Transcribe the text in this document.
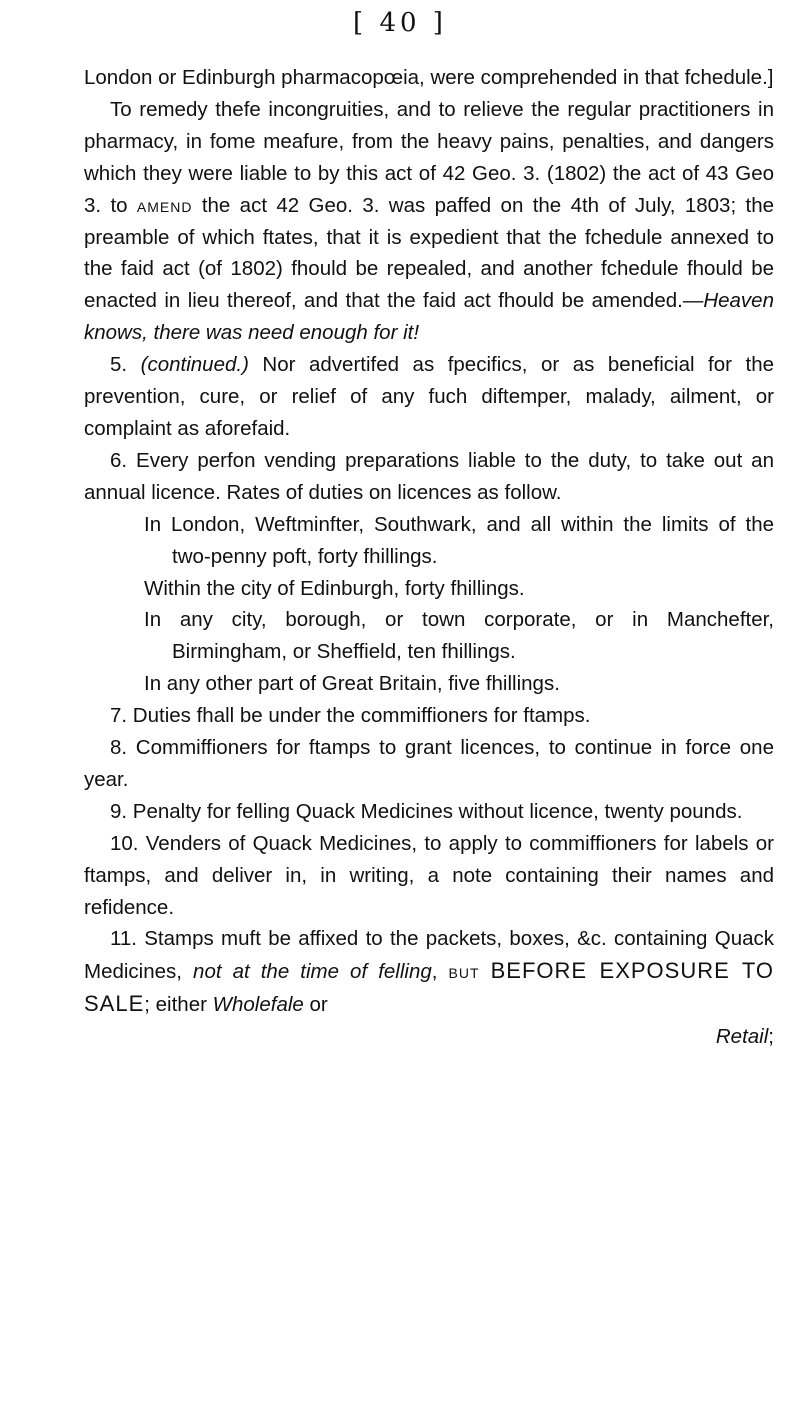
[ 40 ]

London or Edinburgh pharmacopœia, were comprehended in that fchedule.]

To remedy thefe incongruities, and to relieve the regular practitioners in pharmacy, in fome meafure, from the heavy pains, penalties, and dangers which they were liable to by this act of 42 Geo. 3. (1802) the act of 43 Geo 3. to amend the act 42 Geo. 3. was paffed on the 4th of July, 1803; the preamble of which ftates, that it is expedient that the fchedule annexed to the faid act (of 1802) fhould be repealed, and another fchedule fhould be enacted in lieu thereof, and that the faid act fhould be amended.—Heaven knows, there was need enough for it!

5. (continued.) Nor advertifed as fpecifics, or as beneficial for the prevention, cure, or relief of any fuch diftemper, malady, ailment, or complaint as aforefaid.

6. Every perfon vending preparations liable to the duty, to take out an annual licence. Rates of duties on licences as follow.

In London, Weftminfter, Southwark, and all within the limits of the two-penny poft, forty fhillings.

Within the city of Edinburgh, forty fhillings.

In any city, borough, or town corporate, or in Manchefter, Birmingham, or Sheffield, ten fhillings.

In any other part of Great Britain, five fhillings.

7. Duties fhall be under the commiffioners for ftamps.

8. Commiffioners for ftamps to grant licences, to continue in force one year.

9. Penalty for felling Quack Medicines without licence, twenty pounds.

10. Venders of Quack Medicines, to apply to commiffioners for labels or ftamps, and deliver in, in writing, a note containing their names and refidence.

11. Stamps muft be affixed to the packets, boxes, &c. containing Quack Medicines, not at the time of felling, but BEFORE EXPOSURE TO SALE; either Wholefale or

Retail;
